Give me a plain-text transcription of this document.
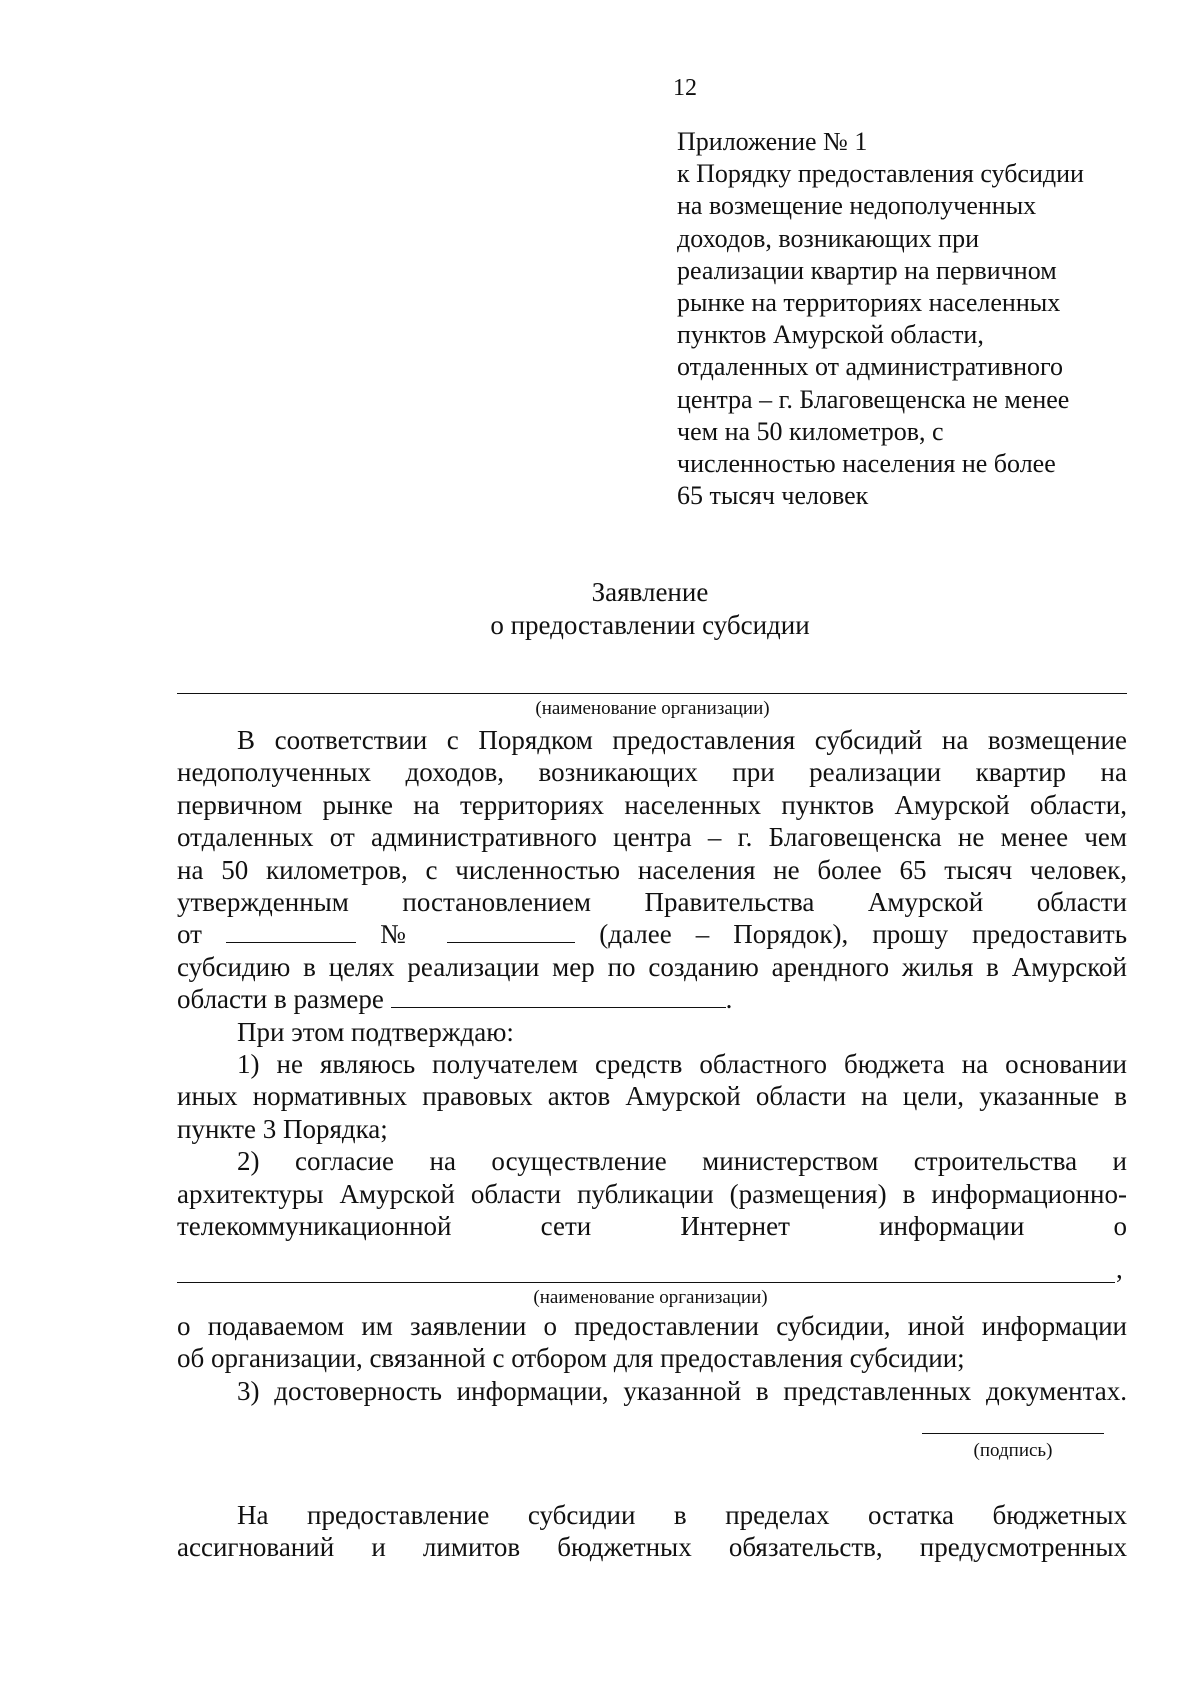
12
Приложение № 1
к Порядку предоставления субсидии
на возмещение недополученных
доходов, возникающих при
реализации квартир на первичном
рынке на территориях населенных
пунктов Амурской области,
отдаленных от административного
центра – г. Благовещенска не менее
чем на 50 километров, с
численностью населения не более
65 тысяч человек
Заявление
о предоставлении субсидии
(наименование организации)
В соответствии с Порядком предоставления субсидий на возмещение
недополученных доходов, возникающих при реализации квартир на
первичном рынке на территориях населенных пунктов Амурской области,
отдаленных от административного центра – г. Благовещенска не менее чем
на 50 километров, с численностью населения не более 65 тысяч человек,
утвержденным постановлением Правительства Амурской области
от	№	(далее – Порядок), прошу предоставить
субсидию в целях реализации мер по созданию арендного жилья в Амурской
области в размере	.
При этом подтверждаю:
1) не являюсь получателем средств областного бюджета на основании
иных нормативных правовых актов Амурской области на цели, указанные в
пункте 3 Порядка;
2) согласие на осуществление министерством строительства и
архитектуры Амурской области публикации (размещения) в информационно-
телекоммуникационной сети Интернет информации о
,
(наименование организации)
о подаваемом им заявлении о предоставлении субсидии, иной информации
об организации, связанной с отбором для предоставления субсидии;
3) достоверность информации, указанной в представленных документах.
(подпись)
На предоставление субсидии в пределах остатка бюджетных
ассигнований и лимитов бюджетных обязательств, предусмотренных
